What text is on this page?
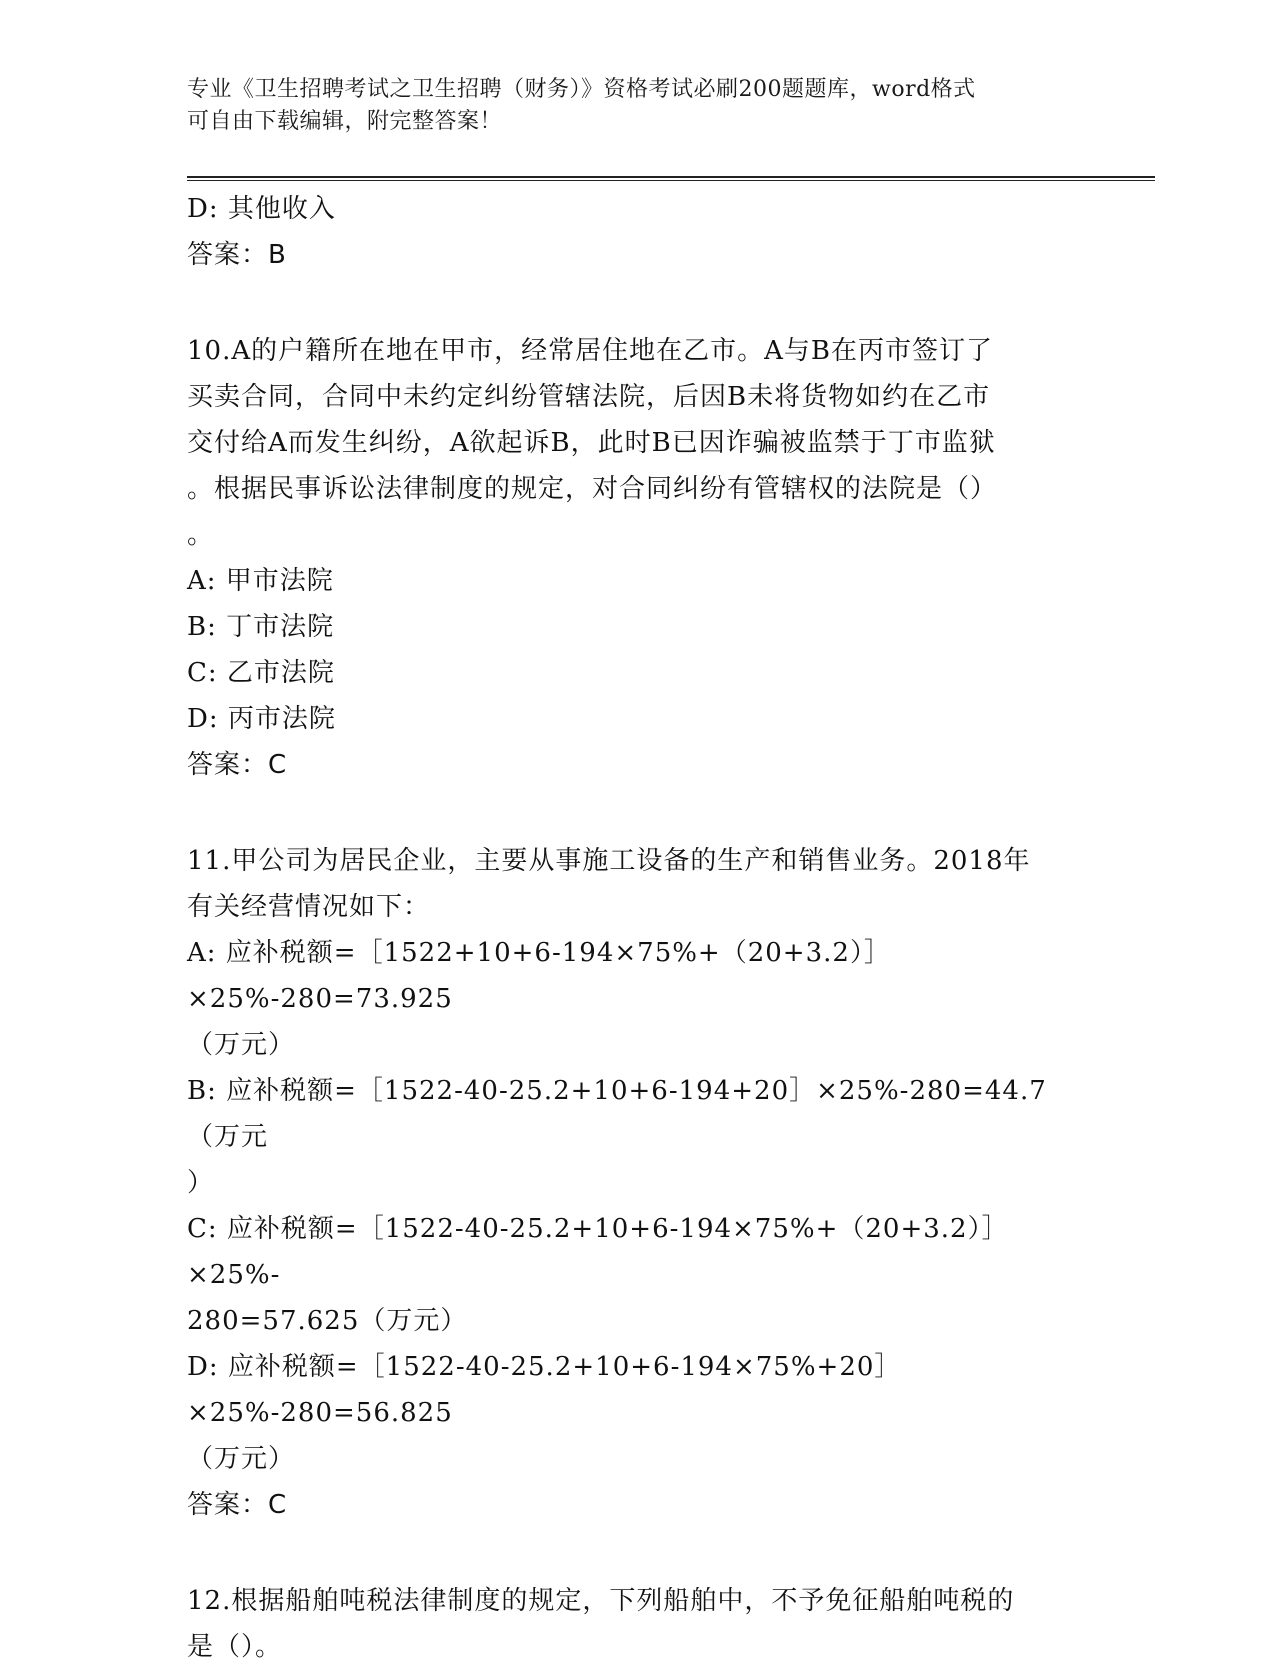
专业《卫生招聘考试之卫生招聘（财务）》资格考试必刷200题题库，word格式
可自由下载编辑，附完整答案！
D: 其他收入
答案：B
10.A的户籍所在地在甲市，经常居住地在乙市。A与B在丙市签订了
买卖合同，合同中未约定纠纷管辖法院，后因B未将货物如约在乙市
交付给A而发生纠纷，A欲起诉B，此时B已因诈骗被监禁于丁市监狱
。根据民事诉讼法律制度的规定，对合同纠纷有管辖权的法院是（）
。
A: 甲市法院
B: 丁市法院
C: 乙市法院
D: 丙市法院
答案：C
11.甲公司为居民企业，主要从事施工设备的生产和销售业务。2018年
有关经营情况如下：
A: 应补税额=［1522+10+6-194×75%+（20+3.2）］×25%-280=73.925
（万元）
B: 应补税额=［1522-40-25.2+10+6-194+20］×25%-280=44.7（万元
）
C: 应补税额=［1522-40-25.2+10+6-194×75%+（20+3.2）］×25%-
280=57.625（万元）
D: 应补税额=［1522-40-25.2+10+6-194×75%+20］×25%-280=56.825
（万元）
答案：C
12.根据船舶吨税法律制度的规定，下列船舶中，不予免征船舶吨税的
是（）。
